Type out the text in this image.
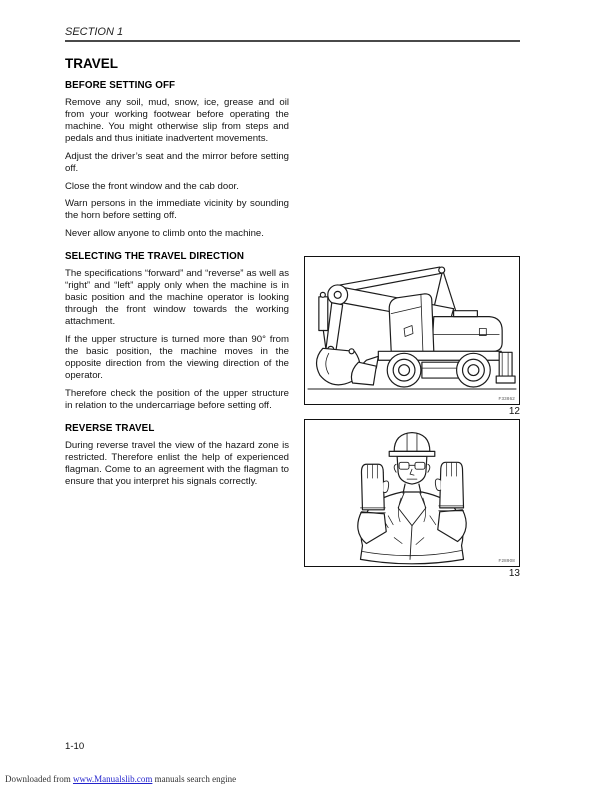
SECTION 1
TRAVEL
BEFORE SETTING OFF

Remove any soil, mud, snow, ice, grease and oil from your working footwear before operating the machine. You might otherwise slip from steps and pedals and thus initiate inadvertent movements.

Adjust the driver’s seat and the mirror before setting off.

Close the front window and the cab door.

Warn persons in the immediate vicinity by sounding the horn before setting off.

Never allow anyone to climb onto the machine.

SELECTING THE TRAVEL DIRECTION

The specifications “forward” and “reverse” as well as “right” and “left” apply only when the machine is in basic position and the machine operator is looking through the front window towards the working attachment.

If the upper structure is turned more than 90° from the basic position, the machine moves in the opposite direction from the viewing direction of the operator.

Therefore check the position of the upper structure in relation to the undercarriage before setting off.

REVERSE TRAVEL

During reverse travel the view of the hazard zone is restricted. Therefore enlist the help of experienced flagman. Come to an agreement with the flagman to ensure that you interpret his signals correctly.

F33862
12
F28908
13
1-10
Downloaded from www.Manualslib.com manuals search engine
